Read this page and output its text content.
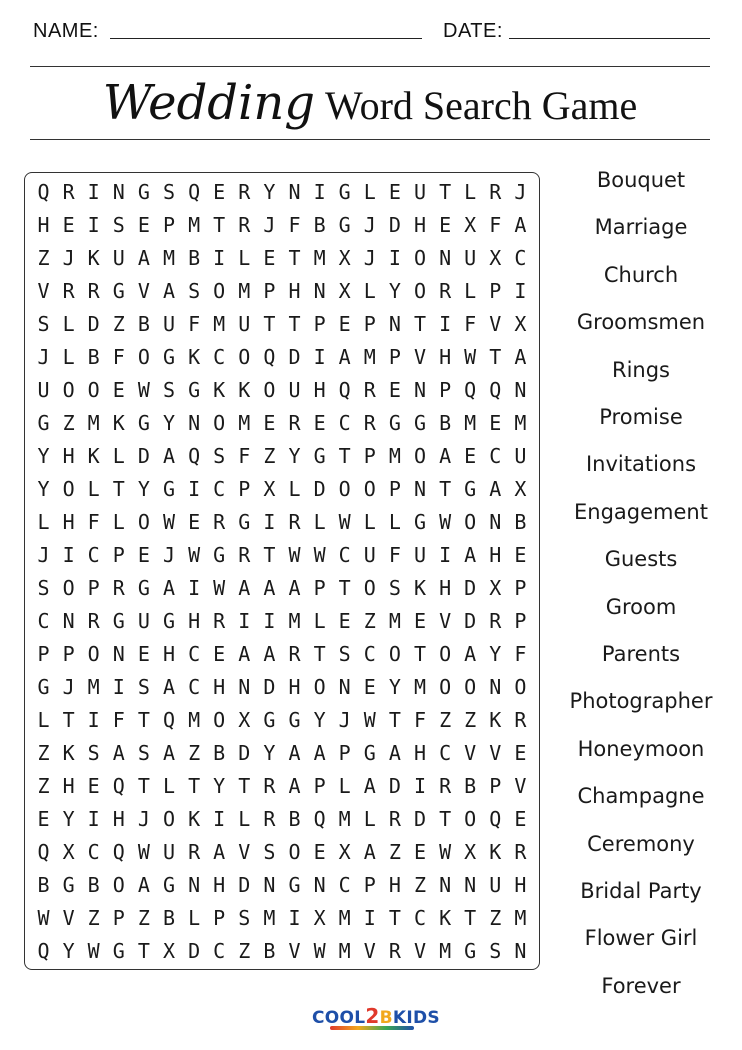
NAME:	DATE:
Wedding Word Search Game
Q R I N G S Q E R Y N I G L E U T L R J
H E I S E P M T R J F B G J D H E X F A
Z J K U A M B I L E T M X J I O N U X C
V R R G V A S O M P H N X L Y O R L P I
S L D Z B U F M U T T P E P N T I F V X
J L B F O G K C O Q D I A M P V H W T A
U O O E W S G K K O U H Q R E N P Q Q N
G Z M K G Y N O M E R E C R G G B M E M
Y H K L D A Q S F Z Y G T P M O A E C U
Y O L T Y G I C P X L D O O P N T G A X
L H F L O W E R G I R L W L L G W O N B
J I C P E J W G R T W W C U F U I A H E
S O P R G A I W A A A P T O S K H D X P
C N R G U G H R I I M L E Z M E V D R P
P P O N E H C E A A R T S C O T O A Y F
G J M I S A C H N D H O N E Y M O O N O
L T I F T Q M O X G G Y J W T F Z Z K R
Z K S A S A Z B D Y A A P G A H C V V E
Z H E Q T L T Y T R A P L A D I R B P V
E Y I H J O K I L R B Q M L R D T O Q E
Q X C Q W U R A V S O E X A Z E W X K R
B G B O A G N H D N G N C P H Z N N U H
W V Z P Z B L P S M I X M I T C K T Z M
Q Y W G T X D C Z B V W M V R V M G S N
Bouquet
Marriage
Church
Groomsmen
Rings
Promise
Invitations
Engagement
Guests
Groom
Parents
Photographer
Honeymoon
Champagne
Ceremony
Bridal Party
Flower Girl
Forever
COOL2BKIDS
